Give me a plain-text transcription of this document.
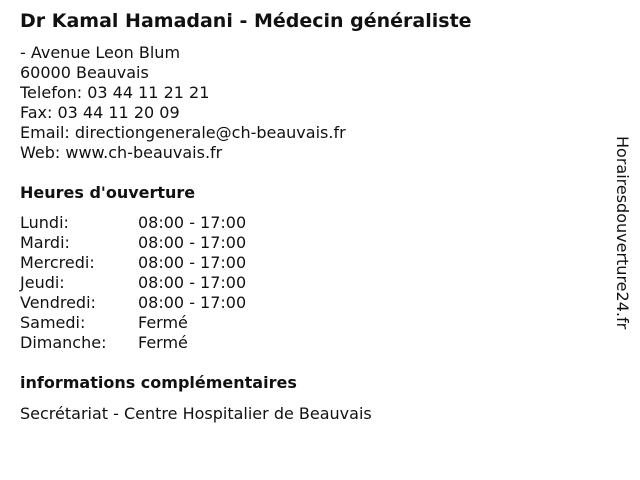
Dr Kamal Hamadani - Médecin généraliste
- Avenue Leon Blum
60000 Beauvais
Telefon: 03 44 11 21 21
Fax: 03 44 11 20 09
Email: directiongenerale@ch-beauvais.fr
Web: www.ch-beauvais.fr
Heures d'ouverture
Lundi:	08:00 - 17:00
Mardi:	08:00 - 17:00
Mercredi:	08:00 - 17:00
Jeudi:	08:00 - 17:00
Vendredi:	08:00 - 17:00
Samedi:	Fermé
Dimanche:	Fermé
informations complémentaires
Secrétariat - Centre Hospitalier de Beauvais
Horairesdouverture24.fr
